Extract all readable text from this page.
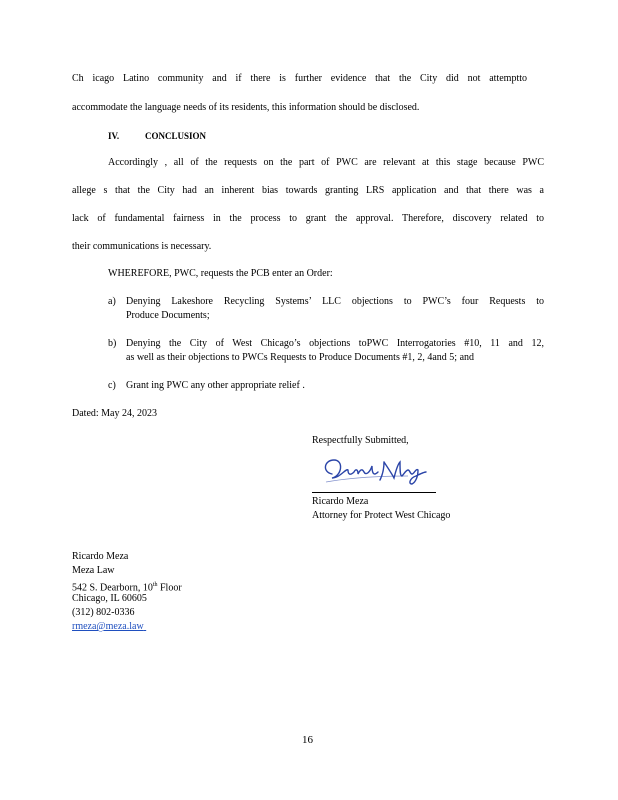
Ch icago Latino community and if there is further evidence that the City did not attemptto
accommodate the language needs of its residents, this information should be disclosed.
IV.	CONCLUSION
Accordingly , all of the requests on the part of PWC are relevant at this stage because PWC
allege s that the City had an inherent bias towards granting LRS application and that there was a
lack of fundamental fairness in the process to grant the approval. Therefore, discovery related to
their communications is necessary.
WHEREFORE, PWC, requests the PCB enter an Order:
a) Denying Lakeshore Recycling Systems’ LLC objections to PWC’s four Requests to
Produce Documents;
b) Denying the City of West Chicago’s objections toPWC Interrogatories #10, 11 and 12,
as well as their objections to PWCs Requests to Produce Documents #1, 2, 4and 5; and
c) Grant ing PWC any other appropriate relief .
Dated: May 24, 2023
Respectfully Submitted,
Ricardo Meza
Attorney for Protect West Chicago
Ricardo Meza
Meza Law
542 S. Dearborn, 10th Floor
Chicago, IL 60605
(312) 802-0336
rmeza@meza.law
16
